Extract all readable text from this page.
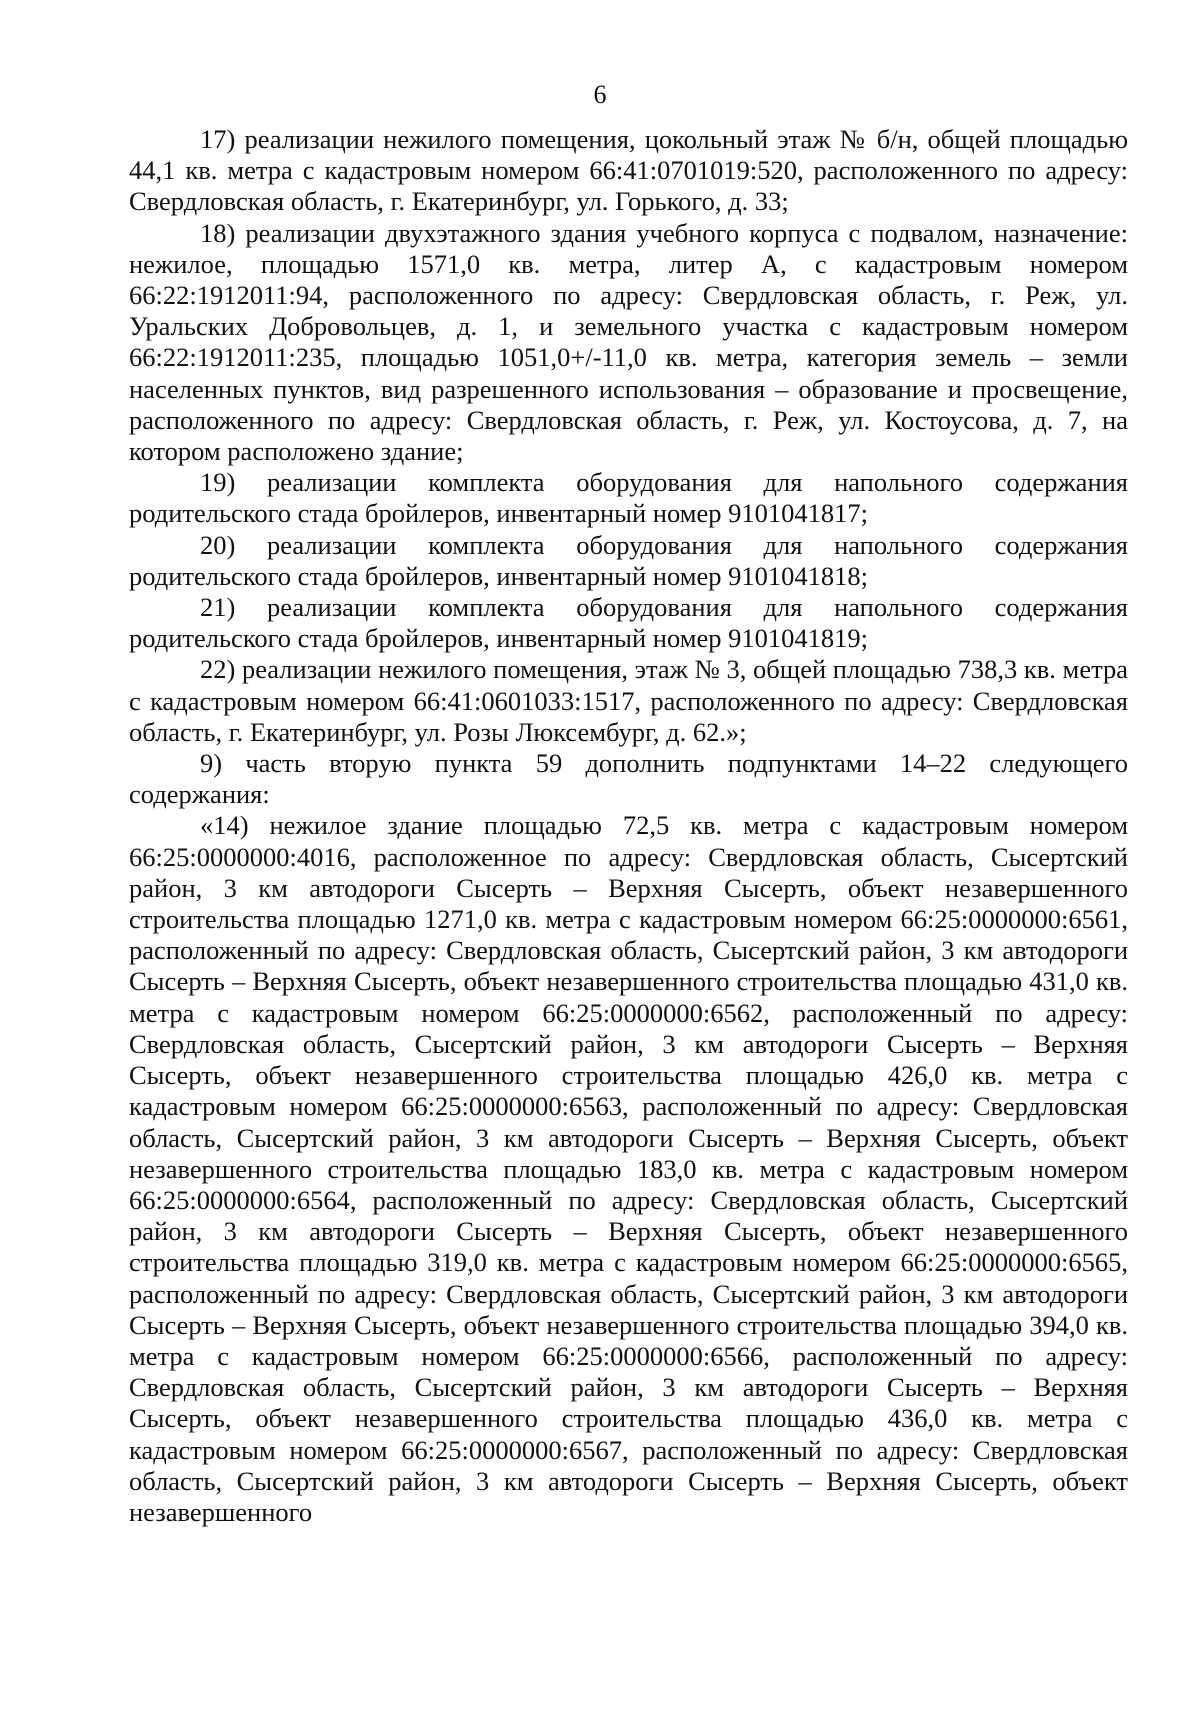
6

17) реализации нежилого помещения, цокольный этаж № б/н, общей площадью 44,1 кв. метра с кадастровым номером 66:41:0701019:520, расположенного по адресу: Свердловская область, г. Екатеринбург, ул. Горького, д. 33;

18) реализации двухэтажного здания учебного корпуса с подвалом, назначение: нежилое, площадью 1571,0 кв. метра, литер А, с кадастровым номером 66:22:1912011:94, расположенного по адресу: Свердловская область, г. Реж, ул. Уральских Добровольцев, д. 1, и земельного участка с кадастровым номером 66:22:1912011:235, площадью 1051,0+/-11,0 кв. метра, категория земель – земли населенных пунктов, вид разрешенного использования – образование и просвещение, расположенного по адресу: Свердловская область, г. Реж, ул. Костоусова, д. 7, на котором расположено здание;

19) реализации комплекта оборудования для напольного содержания родительского стада бройлеров, инвентарный номер 9101041817;

20) реализации комплекта оборудования для напольного содержания родительского стада бройлеров, инвентарный номер 9101041818;

21) реализации комплекта оборудования для напольного содержания родительского стада бройлеров, инвентарный номер 9101041819;

22) реализации нежилого помещения, этаж № 3, общей площадью 738,3 кв. метра с кадастровым номером 66:41:0601033:1517, расположенного по адресу: Свердловская область, г. Екатеринбург, ул. Розы Люксембург, д. 62.»;

9) часть вторую пункта 59 дополнить подпунктами 14–22 следующего содержания:

«14) нежилое здание площадью 72,5 кв. метра с кадастровым номером 66:25:0000000:4016, расположенное по адресу: Свердловская область, Сысертский район, 3 км автодороги Сысерть – Верхняя Сысерть, объект незавершенного строительства площадью 1271,0 кв. метра с кадастровым номером 66:25:0000000:6561, расположенный по адресу: Свердловская область, Сысертский район, 3 км автодороги Сысерть – Верхняя Сысерть, объект незавершенного строительства площадью 431,0 кв. метра с кадастровым номером 66:25:0000000:6562, расположенный по адресу: Свердловская область, Сысертский район, 3 км автодороги Сысерть – Верхняя Сысерть, объект незавершенного строительства площадью 426,0 кв. метра с кадастровым номером 66:25:0000000:6563, расположенный по адресу: Свердловская область, Сысертский район, 3 км автодороги Сысерть – Верхняя Сысерть, объект незавершенного строительства площадью 183,0 кв. метра с кадастровым номером 66:25:0000000:6564, расположенный по адресу: Свердловская область, Сысертский район, 3 км автодороги Сысерть – Верхняя Сысерть, объект незавершенного строительства площадью 319,0 кв. метра с кадастровым номером 66:25:0000000:6565, расположенный по адресу: Свердловская область, Сысертский район, 3 км автодороги Сысерть – Верхняя Сысерть, объект незавершенного строительства площадью 394,0 кв. метра с кадастровым номером 66:25:0000000:6566, расположенный по адресу: Свердловская область, Сысертский район, 3 км автодороги Сысерть – Верхняя Сысерть, объект незавершенного строительства площадью 436,0 кв. метра с кадастровым номером 66:25:0000000:6567, расположенный по адресу: Свердловская область, Сысертский район, 3 км автодороги Сысерть – Верхняя Сысерть, объект незавершенного
